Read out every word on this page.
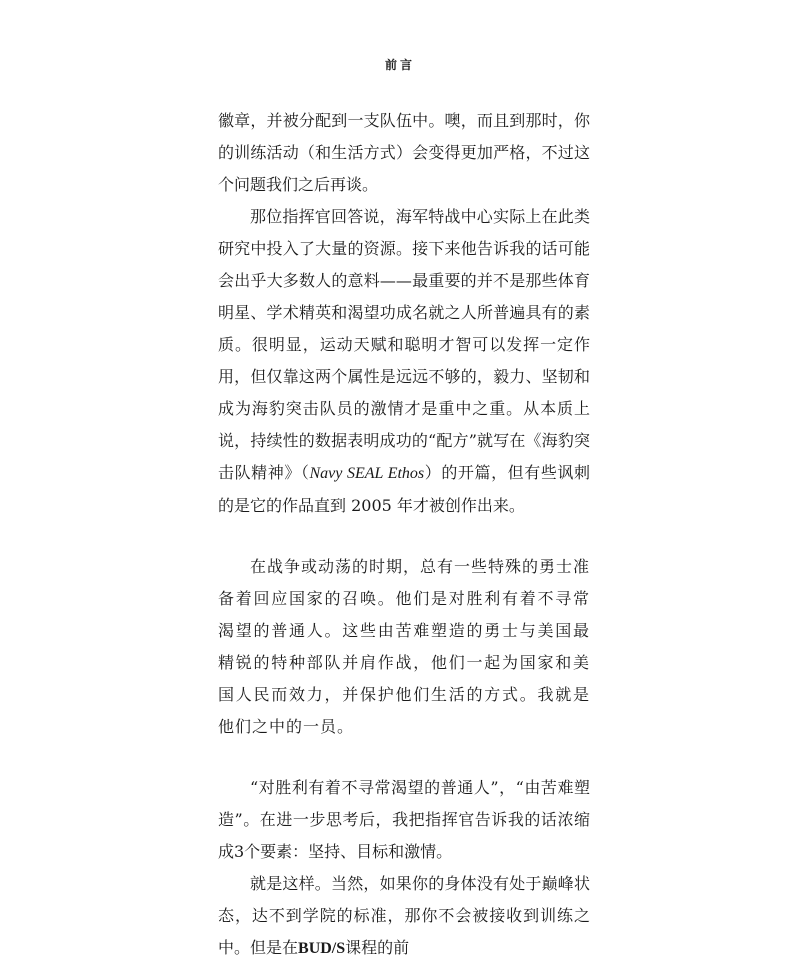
前言

徽章，并被分配到一支队伍中。噢，而且到那时，你的训练活动（和生活方式）会变得更加严格，不过这个问题我们之后再谈。

那位指挥官回答说，海军特战中心实际上在此类研究中投入了大量的资源。接下来他告诉我的话可能会出乎大多数人的意料——最重要的并不是那些体育明星、学术精英和渴望功成名就之人所普遍具有的素质。很明显，运动天赋和聪明才智可以发挥一定作用，但仅靠这两个属性是远远不够的，毅力、坚韧和成为海豹突击队员的激情才是重中之重。从本质上说，持续性的数据表明成功的“配方”就写在《海豹突击队精神》（Navy SEAL Ethos）的开篇，但有些讽刺的是它的作品直到 2005 年才被创作出来。

在战争或动荡的时期，总有一些特殊的勇士准备着回应国家的召唤。他们是对胜利有着不寻常渴望的普通人。这些由苦难塑造的勇士与美国最精锐的特种部队并肩作战，他们一起为国家和美国人民而效力，并保护他们生活的方式。我就是他们之中的一员。

“对胜利有着不寻常渴望的普通人”，“由苦难塑造”。在进一步思考后，我把指挥官告诉我的话浓缩成3个要素：坚持、目标和激情。

就是这样。当然，如果你的身体没有处于巅峰状态，达不到学院的标准，那你不会被接收到训练之中。但是在BUD/S课程的前
